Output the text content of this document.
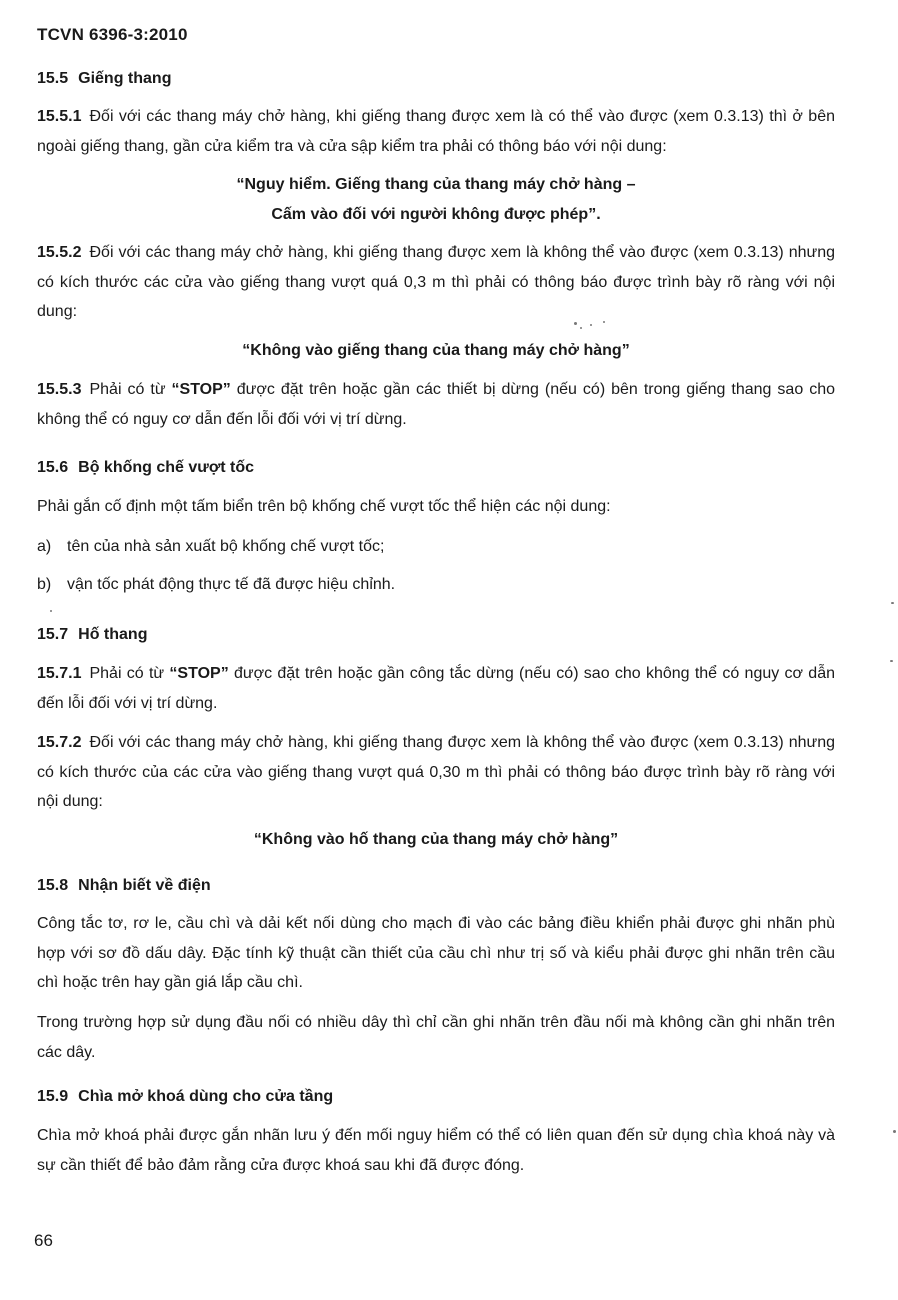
TCVN 6396-3:2010

15.5 Giếng thang

15.5.1 Đối với các thang máy chở hàng, khi giếng thang được xem là có thể vào được (xem 0.3.13) thì ở bên ngoài giếng thang, gần cửa kiểm tra và cửa sập kiểm tra phải có thông báo với nội dung:

“Nguy hiểm. Giếng thang của thang máy chở hàng –

Cấm vào đối với người không được phép”.

15.5.2 Đối với các thang máy chở hàng, khi giếng thang được xem là không thể vào được (xem 0.3.13) nhưng có kích thước các cửa vào giếng thang vượt quá 0,3 m thì phải có thông báo được trình bày rõ ràng với nội dung:

“Không vào giếng thang của thang máy chở hàng”

15.5.3 Phải có từ “STOP” được đặt trên hoặc gần các thiết bị dừng (nếu có) bên trong giếng thang sao cho không thể có nguy cơ dẫn đến lỗi đối với vị trí dừng.

15.6 Bộ khống chế vượt tốc

Phải gắn cố định một tấm biển trên bộ khống chế vượt tốc thể hiện các nội dung:

a) tên của nhà sản xuất bộ khống chế vượt tốc;
b) vận tốc phát động thực tế đã được hiệu chỉnh.

15.7 Hố thang

15.7.1 Phải có từ “STOP” được đặt trên hoặc gần công tắc dừng (nếu có) sao cho không thể có nguy cơ dẫn đến lỗi đối với vị trí dừng.

15.7.2 Đối với các thang máy chở hàng, khi giếng thang được xem là không thể vào được (xem 0.3.13) nhưng có kích thước của các cửa vào giếng thang vượt quá 0,30 m thì phải có thông báo được trình bày rõ ràng với nội dung:

“Không vào hố thang của thang máy chở hàng”

15.8 Nhận biết về điện

Công tắc tơ, rơ le, cầu chì và dải kết nối dùng cho mạch đi vào các bảng điều khiển phải được ghi nhãn phù hợp với sơ đồ dấu dây. Đặc tính kỹ thuật cần thiết của cầu chì như trị số và kiểu phải được ghi nhãn trên cầu chì hoặc trên hay gần giá lắp cầu chì.

Trong trường hợp sử dụng đầu nối có nhiều dây thì chỉ cần ghi nhãn trên đầu nối mà không cần ghi nhãn trên các dây.

15.9 Chìa mở khoá dùng cho cửa tầng

Chìa mở khoá phải được gắn nhãn lưu ý đến mối nguy hiểm có thể có liên quan đến sử dụng chìa khoá này và sự cần thiết để bảo đảm rằng cửa được khoá sau khi đã được đóng.

66
